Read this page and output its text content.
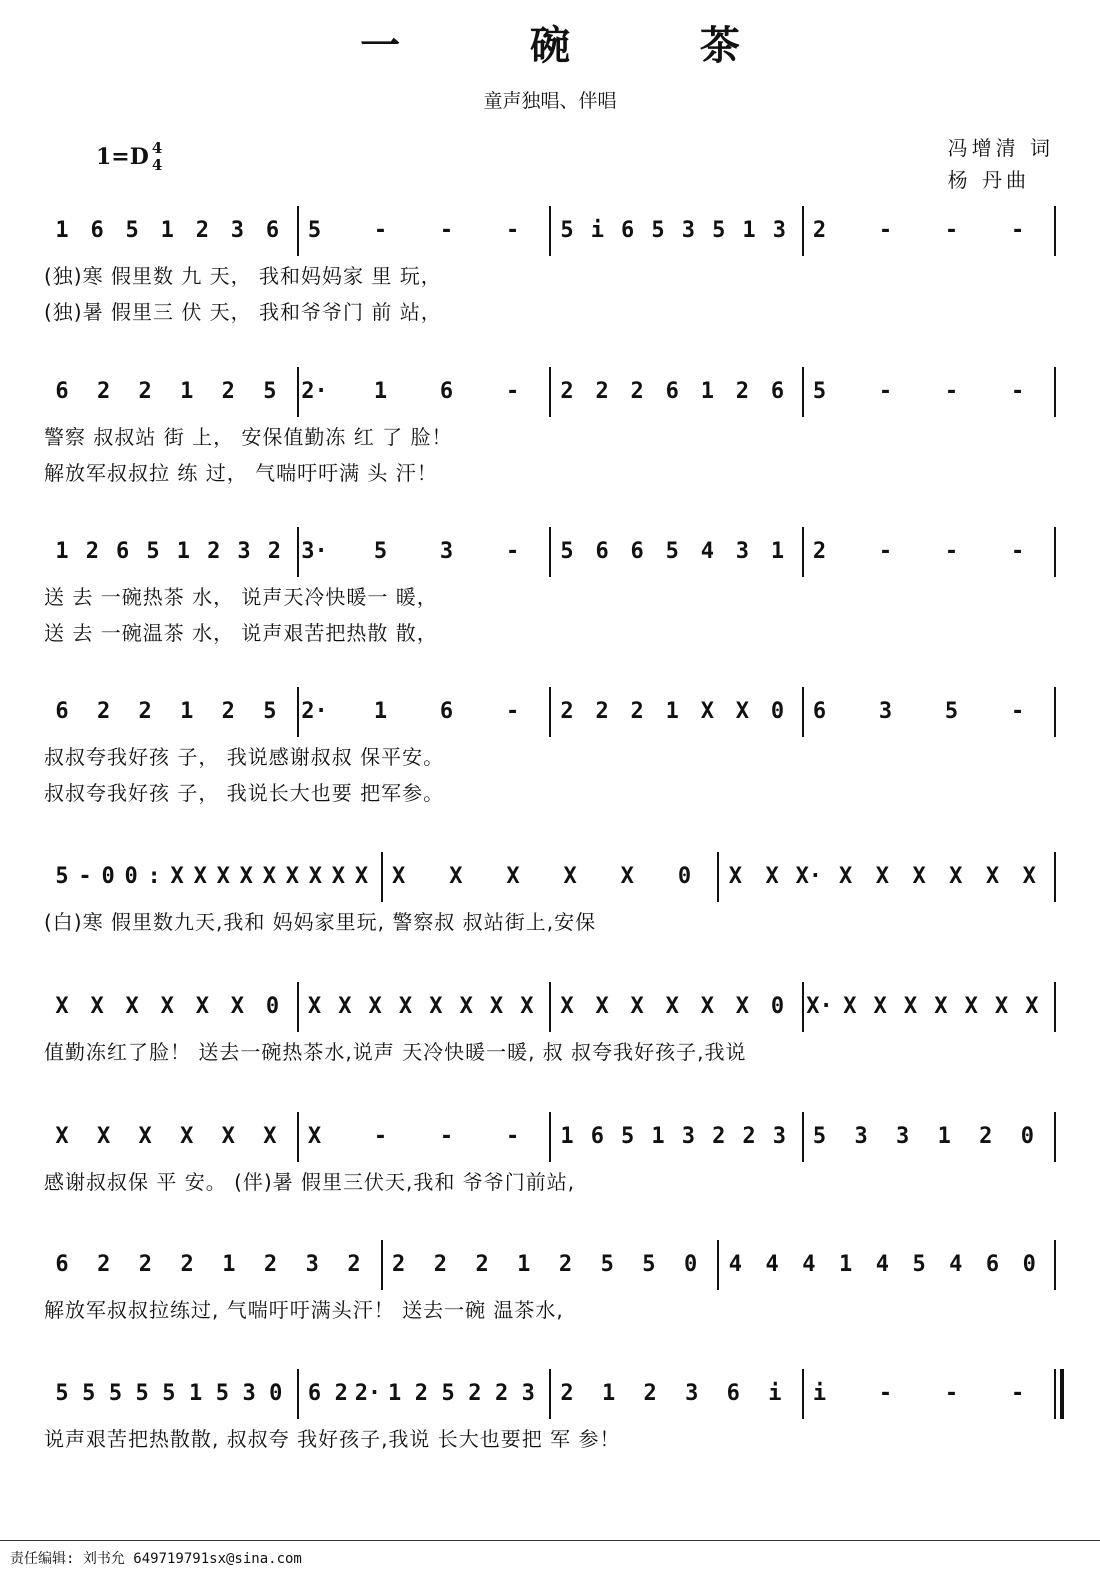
一 碗 茶
童声独唱、伴唱
1=D 4
4
冯增清 词
杨 丹曲
1 6 5 1 2 3 6 5 - - - 5 i 6 5 3 5 1 3 2 - - -
(独)寒 假里数 九 天， 我和妈妈家 里 玩，
(独)暑 假里三 伏 天， 我和爷爷门 前 站，
6 2 2 1 2 5 2· 1 6 - 2 2 2 6 1 2 6 5 - - -
警察 叔叔站 街 上， 安保值勤冻 红 了 脸！
解放军叔叔拉 练 过， 气喘吁吁满 头 汗！
1 2 6 5 1 2 3 2 3· 5 3 - 5 6 6 5 4 3 1 2 - - -
送 去 一碗热茶 水， 说声天冷快暖一 暖，
送 去 一碗温茶 水， 说声艰苦把热散 散，
6 2 2 1 2 5 2· 1 6 - 2 2 2 1 X X 0 6 3 5 -
叔叔夸我好孩 子， 我说感谢叔叔 保平安。
叔叔夸我好孩 子， 我说长大也要 把军参。
5 - 0 0 : X X X X X X X X X X X X X X 0 X X X· X X X X X X
(白)寒 假里数九天,我和 妈妈家里玩, 警察叔 叔站街上,安保
X X X X X X 0 X X X X X X X X X X X X X X 0 X· X X X X X X X
值勤冻红了脸！ 送去一碗热茶水,说声 天冷快暖一暖, 叔 叔夸我好孩子,我说
X X X X X X X - - - 1 6 5 1 3 2 2 3 5 3 3 1 2 0
感谢叔叔保 平 安。 (伴)暑 假里三伏天,我和 爷爷门前站,
6 2 2 2 1 2 3 2 2 2 2 1 2 5 5 0 4 4 4 1 4 5 4 6 0
解放军叔叔拉练过, 气喘吁吁满头汗！ 送去一碗 温茶水,
5 5 5 5 5 1 5 3 0 6 2 2· 1 2 5 2 2 3 2 1 2 3 6 i i - - -
说声艰苦把热散散, 叔叔夸 我好孩子,我说 长大也要把 军 参！
责任编辑: 刘书允 649719791sx@sina.com
